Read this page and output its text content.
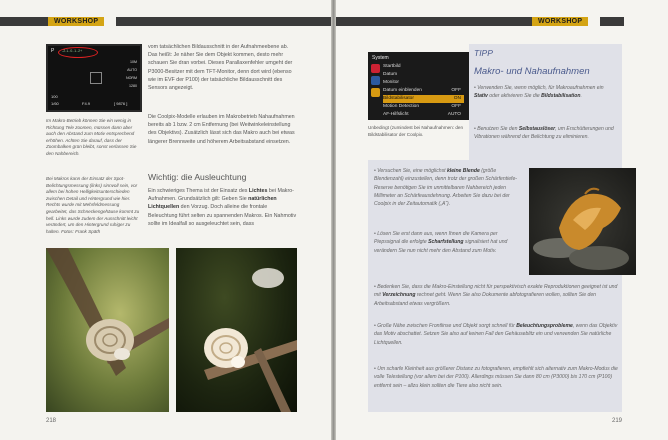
WORKSHOP
P -2.1..0..1..2+
100
1/60	F4.9	[ 9876 ]
10M
AUTO
NORM
1280
Im Makro-Betrieb können Sie ein wenig in Richtung Tele zoomen, müssen dann aber auch den Abstand zum Motiv entsprechend erhöhen. Achten Sie darauf, dass der Zoombalken grün bleibt, sonst verlassen Sie den Nahbereich.
Bei Makros kann der Einsatz der Spot-Belichtungsmessung (links) sinnvoll sein, vor allem bei hohen Helligkeitsunterschieden zwischen Detail und Hintergrund wie hier. Rechts wurde mit Mehrfeldmessung gearbeitet, das Schneckengehäuse kommt zu hell. Links wurde zudem der Ausschnitt leicht verändert, um den Hintergrund ruhiger zu halten. Fotos: Frank Späth
vom tatsächlichen Bildausschnitt in der Aufnahmeebene ab. Das heißt: Je näher Sie dem Objekt kommen, desto mehr schauen Sie dran vorbei. Dieses Parallaxenfehler umgeht der P3000-Besitzer mit dem TFT-Monitor, denn dort wird (ebenso wie im EVF der P100) der tatsächliche Bildausschnitt des Sensors angezeigt.
Die Coolpix-Modelle erlauben im Makrobetrieb Nahaufnahmen bereits ab 1 bzw. 2 cm Entfernung (bei Weitwinkeleinstellung des Objektivs). Zusätzlich lässt sich das Makro auch bei etwas längerer Brennweite und höherem Arbeitsabstand einsetzen.
Wichtig: die Ausleuchtung
Ein schwieriges Thema ist der Einsatz des Lichtes bei Makro-Aufnahmen. Grundsätzlich gilt: Geben Sie natürlichen Lichtquellen den Vorzug. Doch alleine die frontale Beleuchtung führt selten zu spannenden Makros. Ein Nahmotiv sollte im Idealfall so ausgeleuchtet sein, dass
218
WORKSHOP
System
Startbild
Datum
Monitor
Datum einblenden	OFF
Bildstabilisator	ON
Motion Detection	OFF
AF-Hilfslicht	AUTO
Unbedingt (zumindest bei Nahaufnahmen: den Bildstabilisator der Coolpix.
TIPP
Makro- und Nahaufnahmen
• Verwenden Sie, wenn möglich, für Makroaufnahmen ein Stativ oder aktivieren Sie die Bildstabilisation.
• Benutzen Sie den Selbstauslöser, um Erschütterungen und Vibrationen während der Belichtung zu eliminieren.
• Versuchen Sie, eine möglichst kleine Blende (größe Blendenzahl) einzustellen, denn trotz der großen Schärfentiefe-Reserve benötigen Sie im unmittelbaren Nahbereich jeden Millimeter an Schärfeausdehnung. Arbeiten Sie dazu bei der Coolpix in der Zeitautomatik („A“).
• Lösen Sie erst dann aus, wenn Ihnen die Kamera per Piepssignal die erfolgte Scharfstellung signalisiert hat und verändern Sie nun nicht mehr den Abstand zum Motiv.
• Bedenken Sie, dass die Makro-Einstellung nicht für perspektivisch exakte Reproduktionen geeignet ist und mit Verzeichnung rechnet geht. Wenn Sie also Dokumente abfotografieren wollen, sollten Sie den Arbeitsabstand etwas vergrößern.
• Große Nähe zwischen Frontlinse und Objekt sorgt schnell für Beleuchtungsprobleme, wenn das Objektiv das Motiv abschattet. Setzen Sie also auf keinen Fall den Gehäuseblitz ein und verwenden Sie natürliche Lichtquellen.
• Um scharfe Kleinheit aus größerer Distanz zu fotografieren, empfiehlt sich alternativ zum Makro-Modus die volle Telestellung (vor allem bei der P100). Allerdings müssen Sie dann 80 cm (P3000) bis 170 cm (P100) entfernt sein – allzu klein sollten die Tiere also nicht sein.
219
